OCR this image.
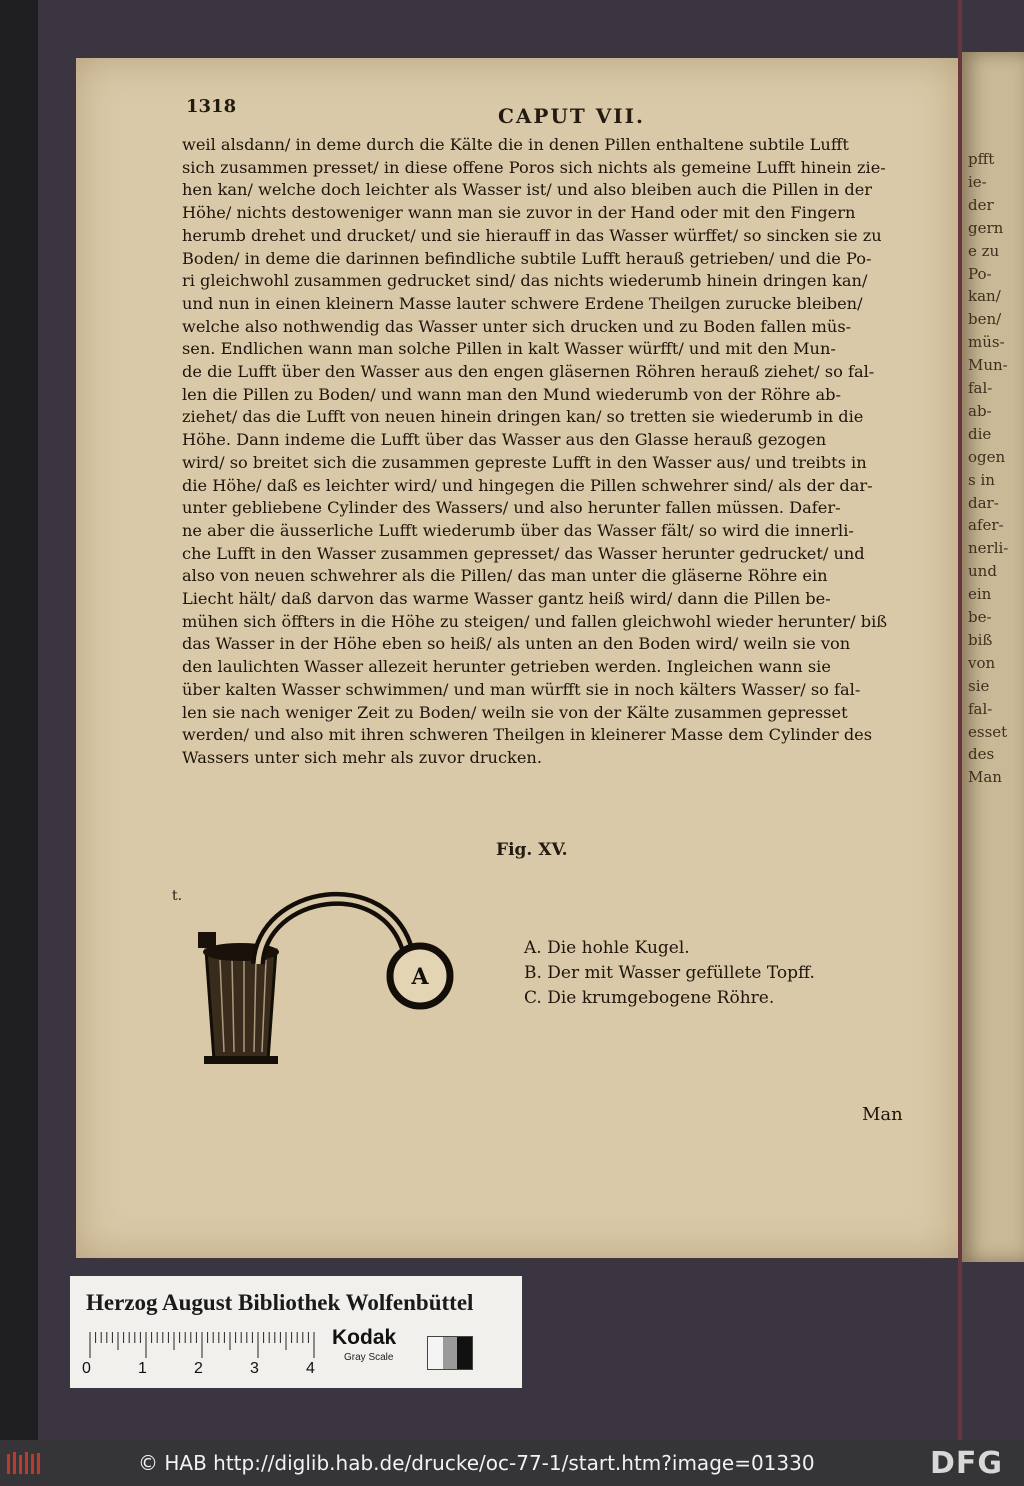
pfft
ie-
der
gern
e zu
Po-
kan/
ben/
müs-
Mun-
fal-
ab-
die
ogen
s in
dar-
afer-
nerli-
und
ein
be-
biß
von
sie
fal-
esset
des
Man
1318	CAPUT VII.
weil alsdann/ in deme durch die Kälte die in denen Pillen enthaltene subtile Lufft
sich zusammen presset/ in diese offene Poros sich nichts als gemeine Lufft hinein zie-
hen kan/ welche doch leichter als Wasser ist/ und also bleiben auch die Pillen in der
Höhe/ nichts destoweniger wann man sie zuvor in der Hand oder mit den Fingern
herumb drehet und drucket/ und sie hierauff in das Wasser würffet/ so sincken sie zu
Boden/ in deme die darinnen befindliche subtile Lufft herauß getrieben/ und die Po-
ri gleichwohl zusammen gedrucket sind/ das nichts wiederumb hinein dringen kan/
und nun in einen kleinern Masse lauter schwere Erdene Theilgen zurucke bleiben/
welche also nothwendig das Wasser unter sich drucken und zu Boden fallen müs-
sen. Endlichen wann man solche Pillen in kalt Wasser würfft/ und mit den Mun-
de die Lufft über den Wasser aus den engen gläsernen Röhren herauß ziehet/ so fal-
len die Pillen zu Boden/ und wann man den Mund wiederumb von der Röhre ab-
ziehet/ das die Lufft von neuen hinein dringen kan/ so tretten sie wiederumb in die
Höhe. Dann indeme die Lufft über das Wasser aus den Glasse herauß gezogen
wird/ so breitet sich die zusammen gepreste Lufft in den Wasser aus/ und treibts in
die Höhe/ daß es leichter wird/ und hingegen die Pillen schwehrer sind/ als der dar-
unter gebliebene Cylinder des Wassers/ und also herunter fallen müssen. Dafer-
ne aber die äusserliche Lufft wiederumb über das Wasser fält/ so wird die innerli-
che Lufft in den Wasser zusammen gepresset/ das Wasser herunter gedrucket/ und
also von neuen schwehrer als die Pillen/ das man unter die gläserne Röhre ein
Liecht hält/ daß darvon das warme Wasser gantz heiß wird/ dann die Pillen be-
mühen sich öffters in die Höhe zu steigen/ und fallen gleichwohl wieder herunter/ biß
das Wasser in der Höhe eben so heiß/ als unten an den Boden wird/ weiln sie von
den laulichten Wasser allezeit herunter getrieben werden. Ingleichen wann sie
über kalten Wasser schwimmen/ und man würfft sie in noch kälters Wasser/ so fal-
len sie nach weniger Zeit zu Boden/ weiln sie von der Kälte zusammen gepresset
werden/ und also mit ihren schweren Theilgen in kleinerer Masse dem Cylinder des
Wassers unter sich mehr als zuvor drucken.
Fig. XV.
t.
A
A. Die hohle Kugel.
B. Der mit Wasser gefüllete Topff.
C. Die krumgebogene Röhre.
Man
Herzog August Bibliothek Wolfenbüttel
0	1	2	3	4
Kodak
Gray Scale
© HAB http://diglib.hab.de/drucke/oc-77-1/start.htm?image=01330	DFG
